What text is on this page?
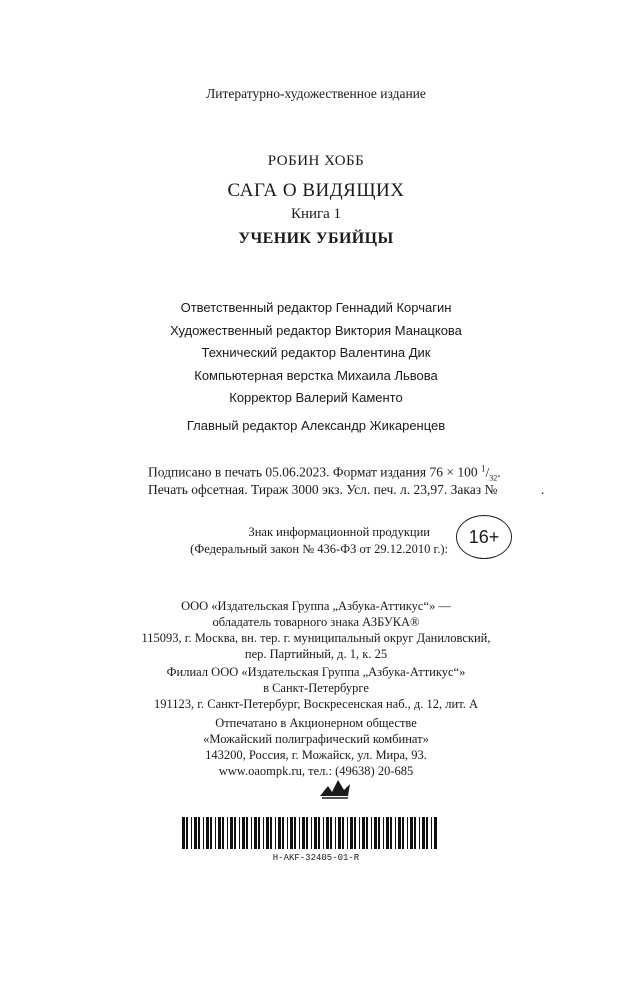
Литературно-художественное издание
РОБИН ХОББ
САГА О ВИДЯЩИХ
Книга 1
УЧЕНИК УБИЙЦЫ
Ответственный редактор Геннадий Корчагин
Художественный редактор Виктория Манацкова
Технический редактор Валентина Дик
Компьютерная верстка Михаила Львова
Корректор Валерий Каменто
Главный редактор Александр Жикаренцев
Подписано в печать 05.06.2023. Формат издания 76 × 100 $^1/_{32}$.
Печать офсетная. Тираж 3000 экз. Усл. печ. л. 23,97. Заказ №	.
Знак информационной продукции
(Федеральный закон № 436-ФЗ от 29.12.2010 г.):
16+
ООО «Издательская Группа „Азбука-Аттикус“» —
обладатель товарного знака АЗБУКА®
115093, г. Москва, вн. тер. г. муниципальный округ Даниловский,
пер. Партийный, д. 1, к. 25
Филиал ООО «Издательская Группа „Азбука-Аттикус“»
в Санкт-Петербурге
191123, г. Санкт-Петербург, Воскресенская наб., д. 12, лит. А
Отпечатано в Акционерном обществе
«Можайский полиграфический комбинат»
143200, Россия, г. Можайск, ул. Мира, 93.
www.oaompk.ru, тел.: (49638) 20-685
H-AKF-32405-01-R
